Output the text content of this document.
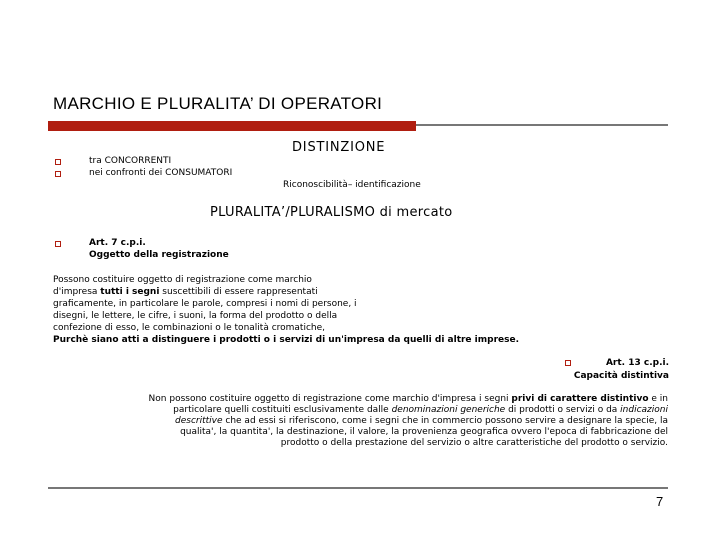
MARCHIO E PLURALITA’ DI OPERATORI
DISTINZIONE
tra CONCORRENTI
nei confronti dei CONSUMATORI
Riconoscibilità– identificazione
PLURALITA’/PLURALISMO di mercato
Art. 7 c.p.i.
Oggetto della registrazione
Possono costituire oggetto di registrazione come marchio
d'impresa tutti i segni suscettibili di essere rappresentati
graficamente, in particolare le parole, compresi i nomi di persone, i
disegni, le lettere, le cifre, i suoni, la forma del prodotto o della
confezione di esso, le combinazioni o le tonalità cromatiche,
Purchè siano atti a distinguere i prodotti o i servizi di un'impresa da quelli di altre imprese.
Art. 13 c.p.i.
Capacità distintiva
Non possono costituire oggetto di registrazione come marchio d'impresa i segni privi di carattere distintivo e in
particolare quelli costituiti esclusivamente dalle denominazioni generiche di prodotti o servizi o da indicazioni
descrittive che ad essi si riferiscono, come i segni che in commercio possono servire a designare la specie, la
qualita', la quantita', la destinazione, il valore, la provenienza geografica ovvero l'epoca di fabbricazione del
prodotto o della prestazione del servizio o altre caratteristiche del prodotto o servizio.
7
